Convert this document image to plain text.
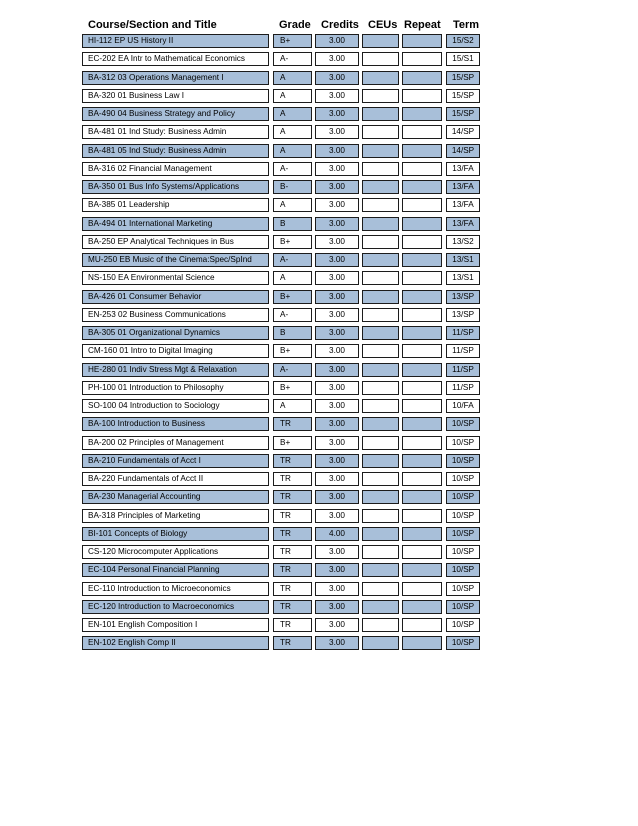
Course/Section and Title	Grade Credits CEUs Repeat Term
HI-112 EP US History II	B+	3.00	15/S2
EC-202 EA Intr to Mathematical Economics	A-	3.00	15/S1
BA-312 03 Operations Management I	A	3.00	15/SP
BA-320 01 Business Law I	A	3.00	15/SP
BA-490 04 Business Strategy and Policy	A	3.00	15/SP
BA-481 01 Ind Study: Business Admin	A	3.00	14/SP
BA-481 05 Ind Study: Business Admin	A	3.00	14/SP
BA-316 02 Financial Management	A-	3.00	13/FA
BA-350 01 Bus Info Systems/Applications	B-	3.00	13/FA
BA-385 01 Leadership	A	3.00	13/FA
BA-494 01 International Marketing	B	3.00	13/FA
BA-250 EP Analytical Techniques in Bus	B+	3.00	13/S2
MU-250 EB Music of the Cinema:Spec/SpInd	A-	3.00	13/S1
NS-150 EA Environmental Science	A	3.00	13/S1
BA-426 01 Consumer Behavior	B+	3.00	13/SP
EN-253 02 Business Communications	A-	3.00	13/SP
BA-305 01 Organizational Dynamics	B	3.00	11/SP
CM-160 01 Intro to Digital Imaging	B+	3.00	11/SP
HE-280 01 Indiv Stress Mgt & Relaxation	A-	3.00	11/SP
PH-100 01 Introduction to Philosophy	B+	3.00	11/SP
SO-100 04 Introduction to Sociology	A	3.00	10/FA
BA-100 Introduction to Business	TR	3.00	10/SP
BA-200 02 Principles of Management	B+	3.00	10/SP
BA-210 Fundamentals of Acct I	TR	3.00	10/SP
BA-220 Fundamentals of Acct II	TR	3.00	10/SP
BA-230 Managerial Accounting	TR	3.00	10/SP
BA-318 Principles of Marketing	TR	3.00	10/SP
BI-101 Concepts of Biology	TR	4.00	10/SP
CS-120 Microcomputer Applications	TR	3.00	10/SP
EC-104 Personal Financial Planning	TR	3.00	10/SP
EC-110 Introduction to Microeconomics	TR	3.00	10/SP
EC-120 Introduction to Macroeconomics	TR	3.00	10/SP
EN-101 English Composition I	TR	3.00	10/SP
EN-102 English Comp II	TR	3.00	10/SP
